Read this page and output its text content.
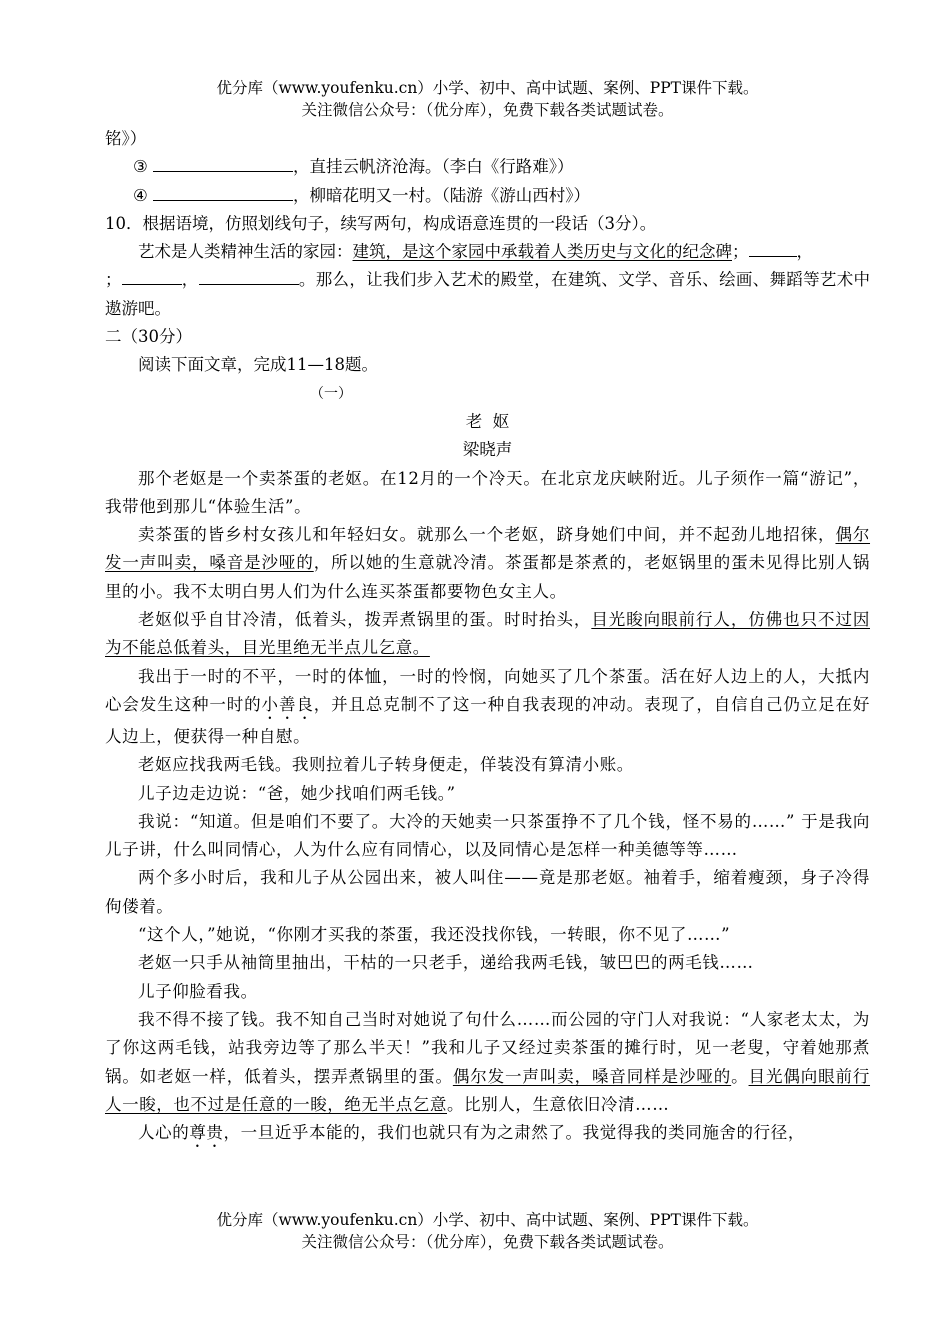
优分库（www.youfenku.cn）小学、初中、高中试题、案例、PPT课件下载。
关注微信公众号：（优分库），免费下载各类试题试卷。

铭》）

③	，直挂云帆济沧海。（李白《行路难》）

④	，柳暗花明又一村。（陆游《游山西村》）

10．根据语境，仿照划线句子，续写两句，构成语意连贯的一段话（3分）。

艺术是人类精神生活的家园：建筑，是这个家园中承载着人类历史与文化的纪念碑；	，
；	，	。那么，让我们步入艺术的殿堂，在建筑、文学、音乐、绘画、舞蹈等艺术中遨游吧。

二（30分）

阅读下面文章，完成11—18题。

（一）

老  妪

梁晓声

那个老妪是一个卖茶蛋的老妪。在12月的一个冷天。在北京龙庆峡附近。儿子须作一篇“游记”，我带他到那儿“体验生活”。

卖茶蛋的皆乡村女孩儿和年轻妇女。就那么一个老妪，跻身她们中间，并不起劲儿地招徕，偶尔发一声叫卖，嗓音是沙哑的，所以她的生意就冷清。茶蛋都是茶煮的，老妪锅里的蛋未见得比别人锅里的小。我不太明白男人们为什么连买茶蛋都要物色女主人。

老妪似乎自甘冷清，低着头，拨弄煮锅里的蛋。时时抬头，目光睃向眼前行人，仿佛也只不过因为不能总低着头，目光里绝无半点儿乞意。

我出于一时的不平，一时的体恤，一时的怜悯，向她买了几个茶蛋。活在好人边上的人，大抵内心会发生这种一时的小善良，并且总克制不了这一种自我表现的冲动。表现了，自信自己仍立足在好人边上，便获得一种自慰。

老妪应找我两毛钱。我则拉着儿子转身便走，佯装没有算清小账。

儿子边走边说：“爸，她少找咱们两毛钱。”

我说：“知道。但是咱们不要了。大冷的天她卖一只茶蛋挣不了几个钱，怪不易的……” 于是我向儿子讲，什么叫同情心，人为什么应有同情心，以及同情心是怎样一种美德等等……

两个多小时后，我和儿子从公园出来，被人叫住——竟是那老妪。袖着手，缩着瘦颈，身子冷得佝偻着。

“这个人，”她说，“你刚才买我的茶蛋，我还没找你钱，一转眼，你不见了……”

老妪一只手从袖筒里抽出，干枯的一只老手，递给我两毛钱，皱巴巴的两毛钱……

儿子仰脸看我。

我不得不接了钱。我不知自己当时对她说了句什么……而公园的守门人对我说：“人家老太太，为了你这两毛钱，站我旁边等了那么半天！”我和儿子又经过卖茶蛋的摊行时，见一老叟，守着她那煮锅。如老妪一样，低着头，摆弄煮锅里的蛋。偶尔发一声叫卖，嗓音同样是沙哑的。目光偶向眼前行人一睃，也不过是任意的一睃，绝无半点乞意。比别人，生意依旧冷清……

人心的尊贵，一旦近乎本能的，我们也就只有为之肃然了。我觉得我的类同施舍的行径，

优分库（www.youfenku.cn）小学、初中、高中试题、案例、PPT课件下载。
关注微信公众号：（优分库），免费下载各类试题试卷。
